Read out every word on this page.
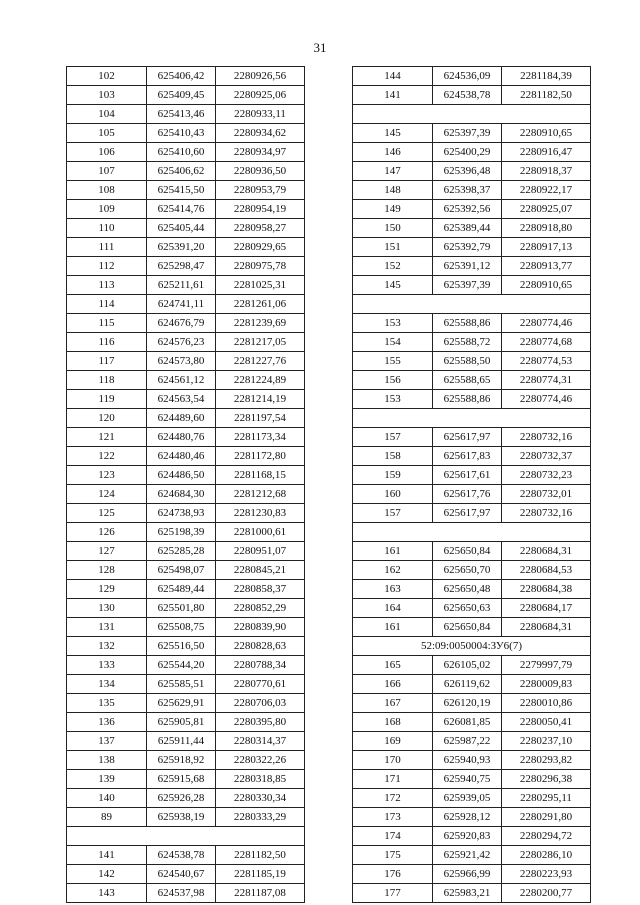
31
102	625406,42	2280926,56
103	625409,45	2280925,06
104	625413,46	2280933,11
105	625410,43	2280934,62
106	625410,60	2280934,97
107	625406,62	2280936,50
108	625415,50	2280953,79
109	625414,76	2280954,19
110	625405,44	2280958,27
111	625391,20	2280929,65
112	625298,47	2280975,78
113	625211,61	2281025,31
114	624741,11	2281261,06
115	624676,79	2281239,69
116	624576,23	2281217,05
117	624573,80	2281227,76
118	624561,12	2281224,89
119	624563,54	2281214,19
120	624489,60	2281197,54
121	624480,76	2281173,34
122	624480,46	2281172,80
123	624486,50	2281168,15
124	624684,30	2281212,68
125	624738,93	2281230,83
126	625198,39	2281000,61
127	625285,28	2280951,07
128	625498,07	2280845,21
129	625489,44	2280858,37
130	625501,80	2280852,29
131	625508,75	2280839,90
132	625516,50	2280828,63
133	625544,20	2280788,34
134	625585,51	2280770,61
135	625629,91	2280706,03
136	625905,81	2280395,80
137	625911,44	2280314,37
138	625918,92	2280322,26
139	625915,68	2280318,85
140	625926,28	2280330,34
89	625938,19	2280333,29

141	624538,78	2281182,50
142	624540,67	2281185,19
143	624537,98	2281187,08
144	624536,09	2281184,39
141	624538,78	2281182,50

145	625397,39	2280910,65
146	625400,29	2280916,47
147	625396,48	2280918,37
148	625398,37	2280922,17
149	625392,56	2280925,07
150	625389,44	2280918,80
151	625392,79	2280917,13
152	625391,12	2280913,77
145	625397,39	2280910,65

153	625588,86	2280774,46
154	625588,72	2280774,68
155	625588,50	2280774,53
156	625588,65	2280774,31
153	625588,86	2280774,46

157	625617,97	2280732,16
158	625617,83	2280732,37
159	625617,61	2280732,23
160	625617,76	2280732,01
157	625617,97	2280732,16

161	625650,84	2280684,31
162	625650,70	2280684,53
163	625650,48	2280684,38
164	625650,63	2280684,17
161	625650,84	2280684,31
52:09:0050004:ЗУ6(7)		
165	626105,02	2279997,79
166	626119,62	2280009,83
167	626120,19	2280010,86
168	626081,85	2280050,41
169	625987,22	2280237,10
170	625940,93	2280293,82
171	625940,75	2280296,38
172	625939,05	2280295,11
173	625928,12	2280291,80
174	625920,83	2280294,72
175	625921,42	2280286,10
176	625966,99	2280223,93
177	625983,21	2280200,77
